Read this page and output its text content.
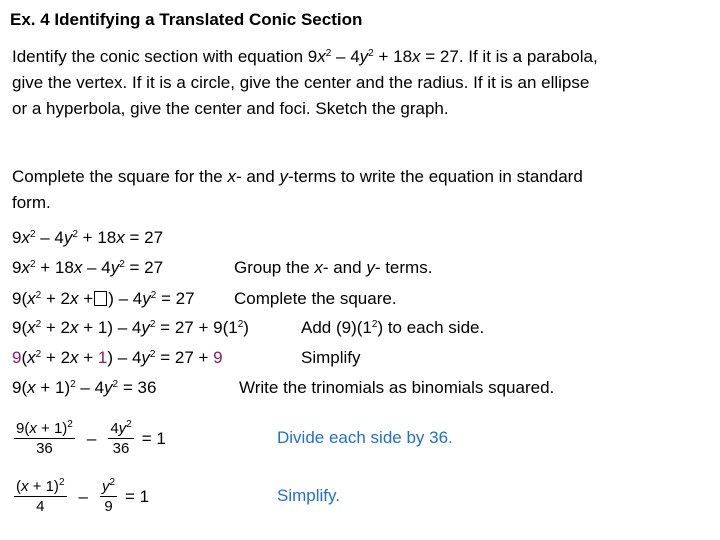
Ex. 4 Identifying a Translated Conic Section
Identify the conic section with equation $9x^2 - 4y^2 + 18x = 27$. If it is a parabola, give the vertex. If it is a circle, give the center and the radius. If it is an ellipse or a hyperbola, give the center and foci. Sketch the graph.
Complete the square for the x- and y-terms to write the equation in standard form.
$9x^2 - 4y^2 + 18x = 27$
$9x^2 + 18x - 4y^2 = 27$	Group the x- and y- terms.
$9(x^2 + 2x$ + ) – $4y^2 = 27$ Complete the square.
$9(x^2 + 2x + 1) - 4y^2 = 27 + 9(1^2)$	Add $(9)(1^2)$ to each side.
$9(x^2 + 2x + 1) - 4y^2 = 27 + 9$	Simplify
$9(x + 1)^2 - 4y^2 = 36$	Write the trinomials as binomials squared.
$\frac{9(x + 1)^2}{36} - \frac{4y^2}{36} = 1$	Divide each side by 36.
$\frac{(x + 1)^2}{4} - \frac{y^2}{9} = 1$	Simplify.
